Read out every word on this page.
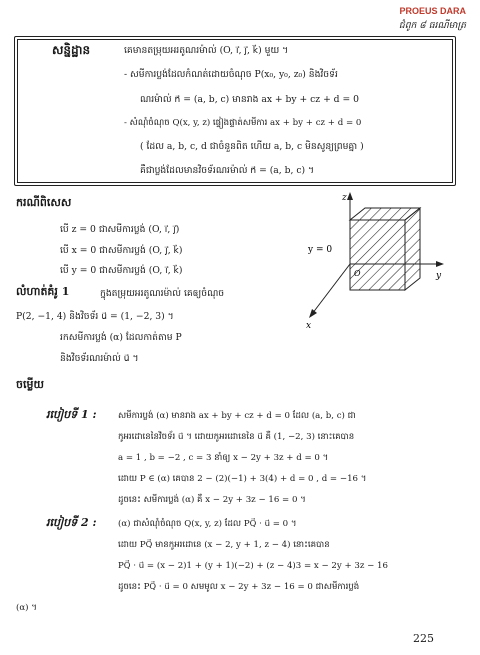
PROEUS DARA
ជំពូក ៨ ធរណីមាត្រ
សន្និដ្ឋាន	គេមានតម្រុយអរតូណរម៉ាល់ (O, i⃗, j⃗, k⃗) មួយ ។
- សមីការប្លង់ដែលកំណត់ដោយចំណុច P(x₀, y₀, z₀) និងវិចទ័រ
ណរម៉ាល់ n⃗ = (a, b, c) មានរាង ax + by + cz + d = 0
- សំណុំចំណុច Q(x, y, z) ផ្ទៀងផ្ទាត់សមីការ ax + by + cz + d = 0
( ដែល a, b, c, d ជាចំនួនពិត ហើយ a, b, c មិនសូន្យព្រមគ្នា )
គឺជាប្លង់ដែលមានវិចទ័រណរម៉ាល់ n⃗ = (a, b, c) ។
ករណីពិសេស
បើ z = 0 ជាសមីការប្លង់ (O, i⃗, j⃗)
បើ x = 0 ជាសមីការប្លង់ (O, j⃗, k⃗)
បើ y = 0 ជាសមីការប្លង់ (O, i⃗, k⃗)
z
y
x
y = 0
O
លំហាត់គំរូ 1	ក្នុងតម្រុយអរតូណរម៉ាល់ គេឲ្យចំណុច
P(2, −1, 4) និងវិចទ័រ u⃗ = (1, −2, 3) ។
រកសមីការប្លង់ (α) ដែលកាត់តាម P
និងវិចទ័រណរម៉ាល់ u⃗ ។
ចម្លើយ
របៀបទី 1 : សមីការប្លង់ (α) មានរាង ax + by + cz + d = 0 ដែល (a, b, c) ជា
កូអរដោនេនៃវិចទ័រ u⃗ ។ ដោយកូអរដោនេនៃ u⃗ គឺ (1, −2, 3) នោះគេបាន
a = 1 , b = −2 , c = 3 នាំឲ្យ x − 2y + 3z + d = 0 ។
ដោយ P ∈ (α) គេបាន 2 − (2)(−1) + 3(4) + d = 0 , d = −16 ។
ដូចនេះ សមីការប្លង់ (α) គឺ x − 2y + 3z − 16 = 0 ។
របៀបទី 2 : (α) ជាសំណុំចំណុច Q(x, y, z) ដែល PQ⃗ · u⃗ = 0 ។
ដោយ PQ⃗ មានកូអរដោនេ (x − 2, y + 1, z − 4) នោះគេបាន
PQ⃗ · u⃗ = (x − 2)1 + (y + 1)(−2) + (z − 4)3 = x − 2y + 3z − 16
ដូចនេះ PQ⃗ · u⃗ = 0 សមមូល x − 2y + 3z − 16 = 0 ជាសមីការប្លង់
(α) ។
225
